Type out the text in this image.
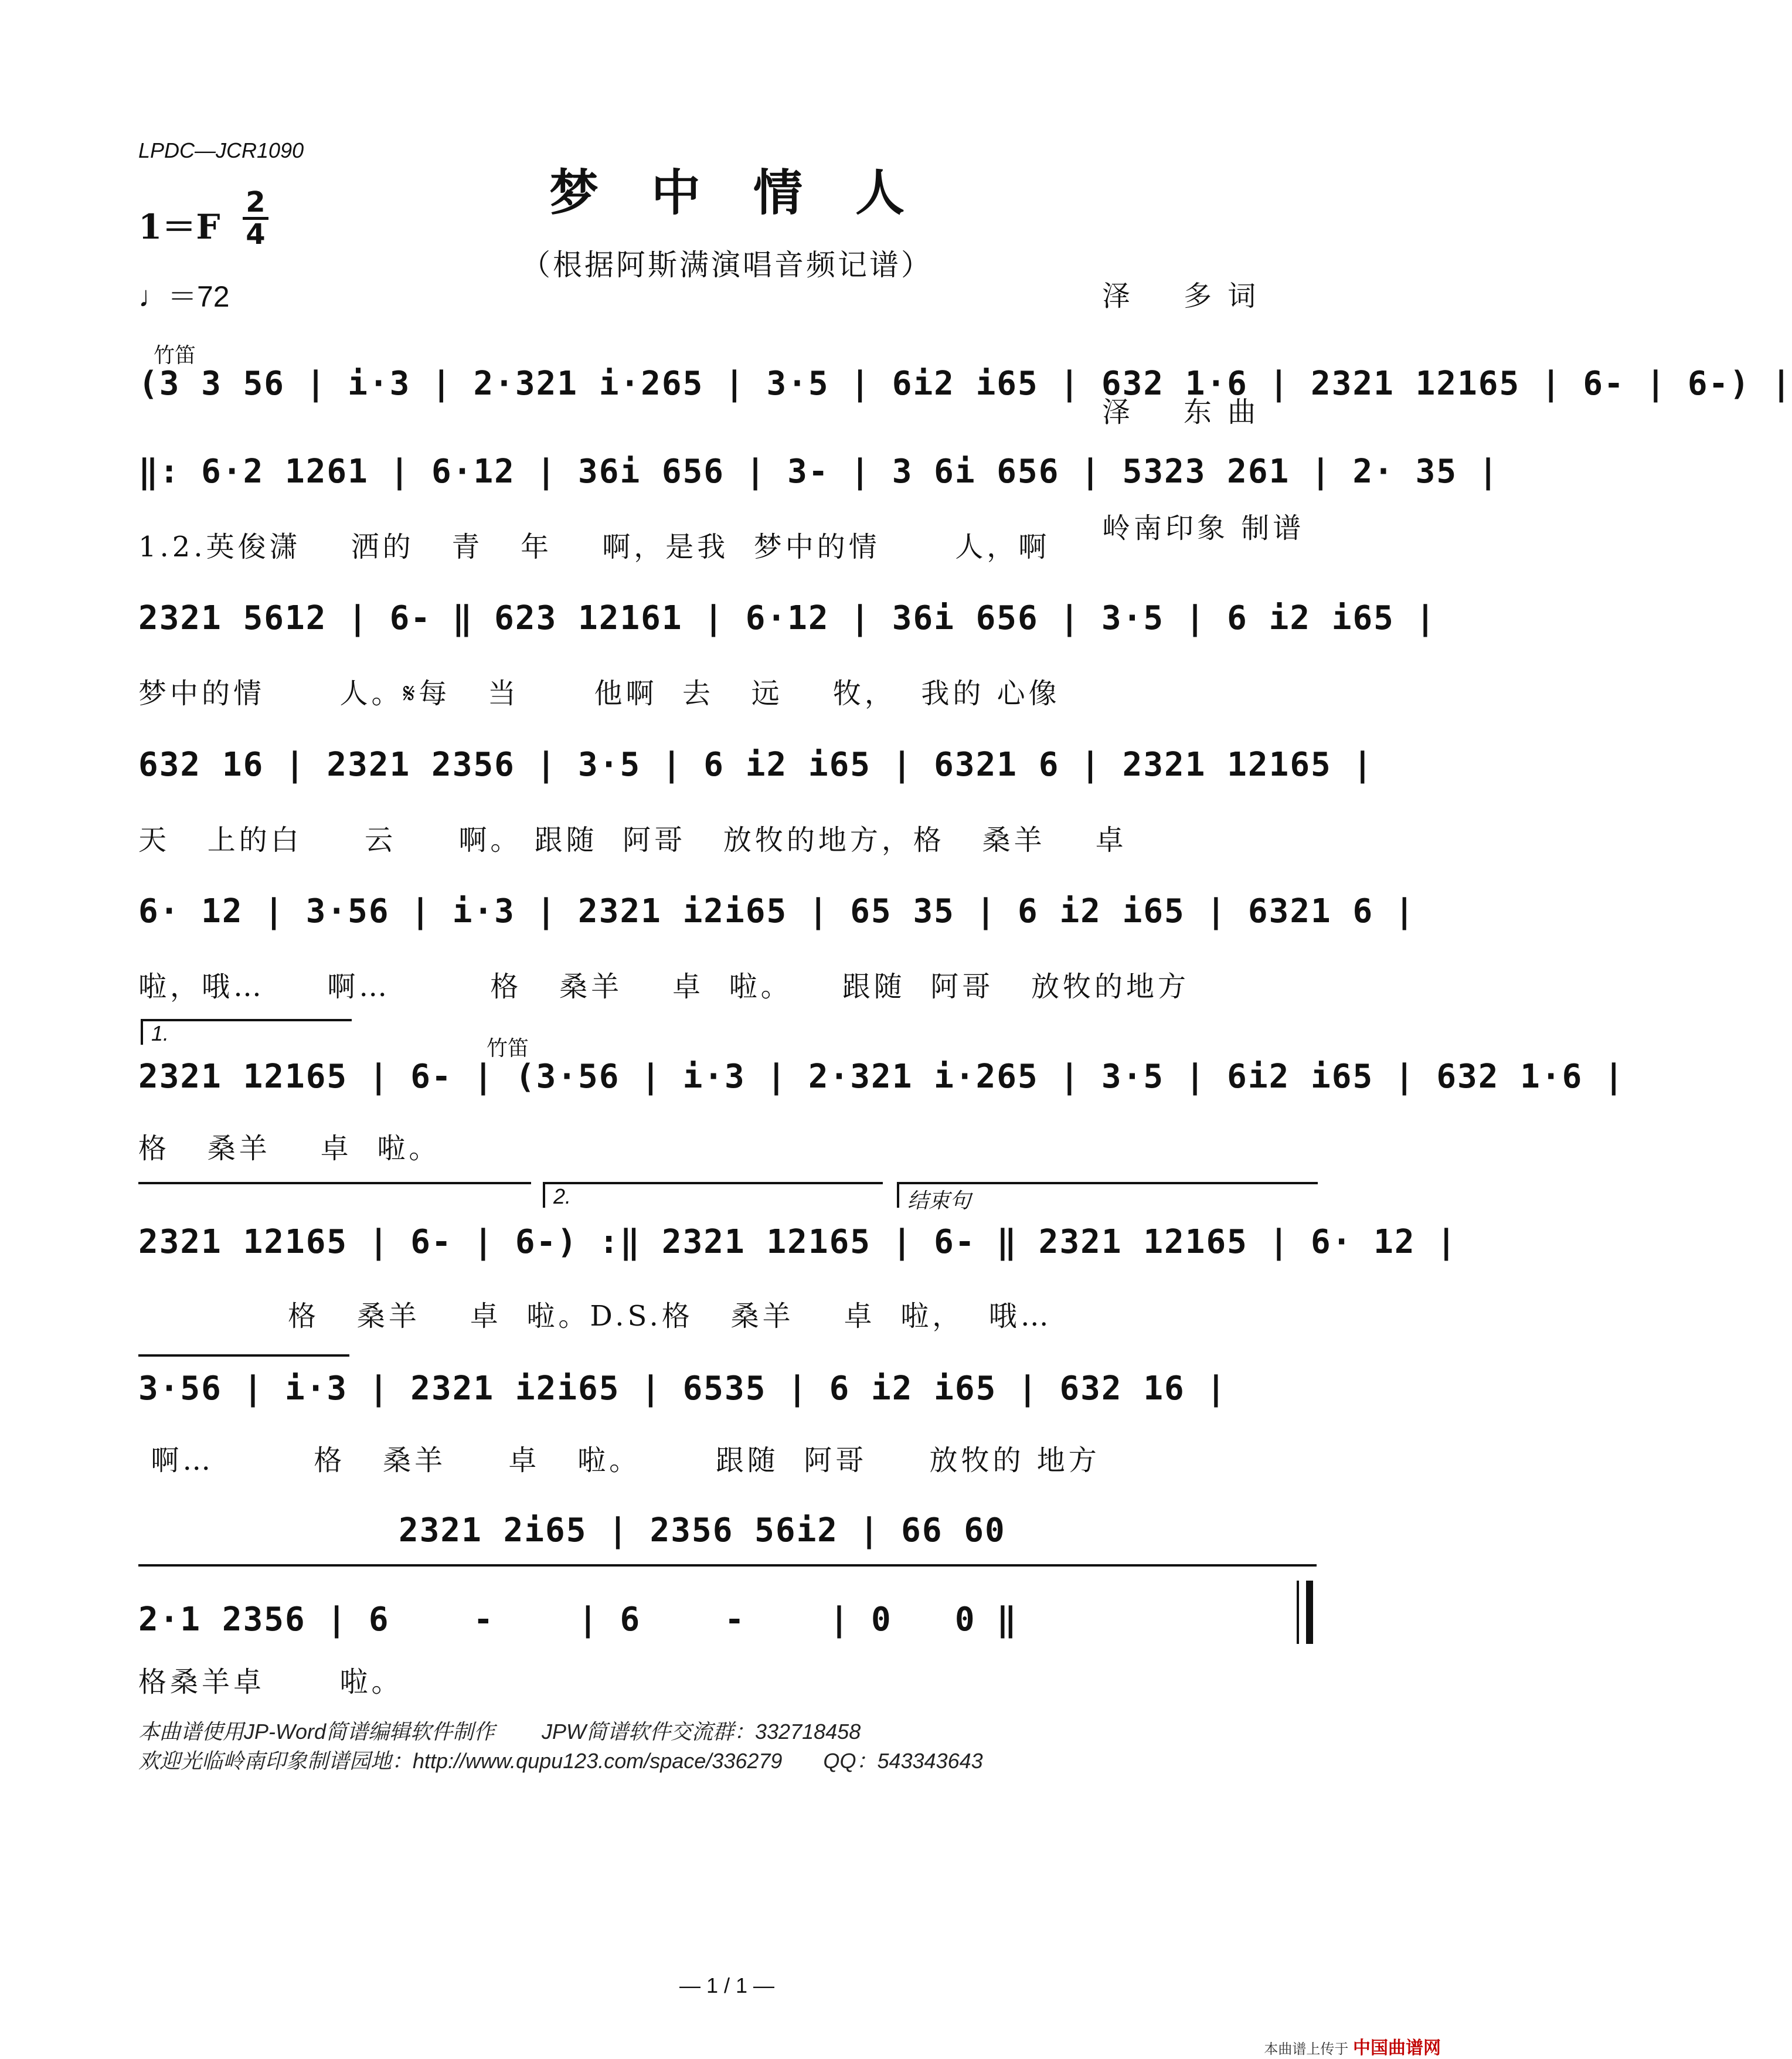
LPDC—JCR1090
梦中情人
（根据阿斯满演唱音频记谱）
1＝F
2
4
♩＝72

	泽    多 词

泽    东 曲

岭南印象 制谱

竹笛
(3 3 56 | i·3 | 2·321 i·265 | 3·5 | 6i2 i65 | 632 1·6 | 2321 12165 | 6- | 6-) |
‖: 6·2 1261 | 6·12 | 36i 656 | 3- | 3 6i 656 | 5323 261 | 2· 35 |
1.2.英俊潇    洒的   青   年    啊，是我  梦中的情      人，啊
2321 5612 | 6- ‖ 623 12161 | 6·12 | 36i 656 | 3·5 | 6 i2 i65 |
梦中的情      人。𝄋每   当      他啊  去   远    牧，  我的 心像
632 16 | 2321 2356 | 3·5 | 6 i2 i65 | 6321 6 | 2321 12165 |
天   上的白     云     啊。 跟随  阿哥   放牧的地方，格   桑羊    卓
6· 12 | 3·56 | i·3 | 2321 i2i65 | 65 35 | 6 i2 i65 | 6321 6 |
啦，哦…     啊…        格   桑羊    卓  啦。    跟随  阿哥   放牧的地方
1.
竹笛
2321 12165 | 6- | (3·56 | i·3 | 2·321 i·265 | 3·5 | 6i2 i65 | 632 1·6 |
格   桑羊    卓  啦。
2.	结束句
2321 12165 | 6- | 6-) :‖ 2321 12165 | 6- ‖ 2321 12165 | 6· 12 |
格   桑羊    卓  啦。D.S.格   桑羊    卓  啦，  哦…
3·56 | i·3 | 2321 i2i65 | 6535 | 6 i2 i65 | 632 16 |
啊…        格   桑羊     卓   啦。      跟随  阿哥     放牧的 地方
2321 2i65 | 2356 56i2 | 66 60
2·1 2356 | 6    -    | 6    -    | 0   0 ‖
格桑羊卓      啦。
本曲谱使用JP-Word简谱编辑软件制作        JPW简谱软件交流群：332718458
欢迎光临岭南印象制谱园地：http://www.qupu123.com/space/336279       QQ：543343643
— 1 / 1 —
本曲谱上传于 中国曲谱网
